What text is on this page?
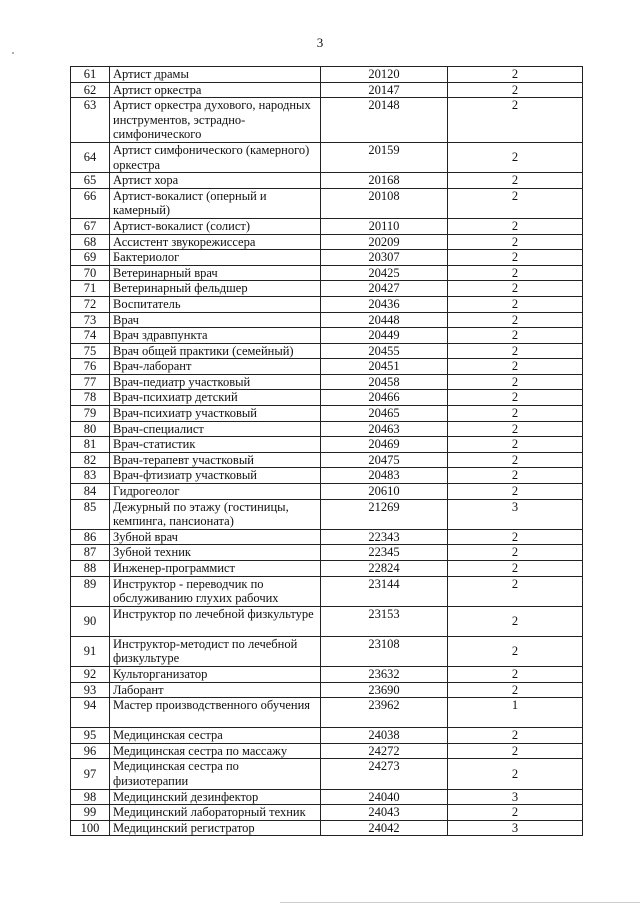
3
61	Артист драмы	20120	2
62	Артист оркестра	20147	2
63	Артист оркестра духового, народных инструментов, эстрадно-симфонического	20148	2
64	Артист симфонического (камерного) оркестра	20159	2
65	Артист хора	20168	2
66	Артист-вокалист (оперный и камерный)	20108	2
67	Артист-вокалист (солист)	20110	2
68	Ассистент звукорежиссера	20209	2
69	Бактериолог	20307	2
70	Ветеринарный врач	20425	2
71	Ветеринарный фельдшер	20427	2
72	Воспитатель	20436	2
73	Врач	20448	2
74	Врач здравпункта	20449	2
75	Врач общей практики (семейный)	20455	2
76	Врач-лаборант	20451	2
77	Врач-педиатр участковый	20458	2
78	Врач-психиатр детский	20466	2
79	Врач-психиатр участковый	20465	2
80	Врач-специалист	20463	2
81	Врач-статистик	20469	2
82	Врач-терапевт участковый	20475	2
83	Врач-фтизиатр участковый	20483	2
84	Гидрогеолог	20610	2
85	Дежурный по этажу (гостиницы, кемпинга, пансионата)	21269	3
86	Зубной врач	22343	2
87	Зубной техник	22345	2
88	Инженер-программист	22824	2
89	Инструктор - переводчик по обслуживанию глухих рабочих	23144	2
90	Инструктор по лечебной физкультуре	23153	2
91	Инструктор-методист по лечебной физкультуре	23108	2
92	Культорганизатор	23632	2
93	Лаборант	23690	2
94	Мастер производственного обучения	23962	1
95	Медицинская сестра	24038	2
96	Медицинская сестра по массажу	24272	2
97	Медицинская сестра по физиотерапии	24273	2
98	Медицинский дезинфектор	24040	3
99	Медицинский лабораторный техник	24043	2
100	Медицинский регистратор	24042	3
